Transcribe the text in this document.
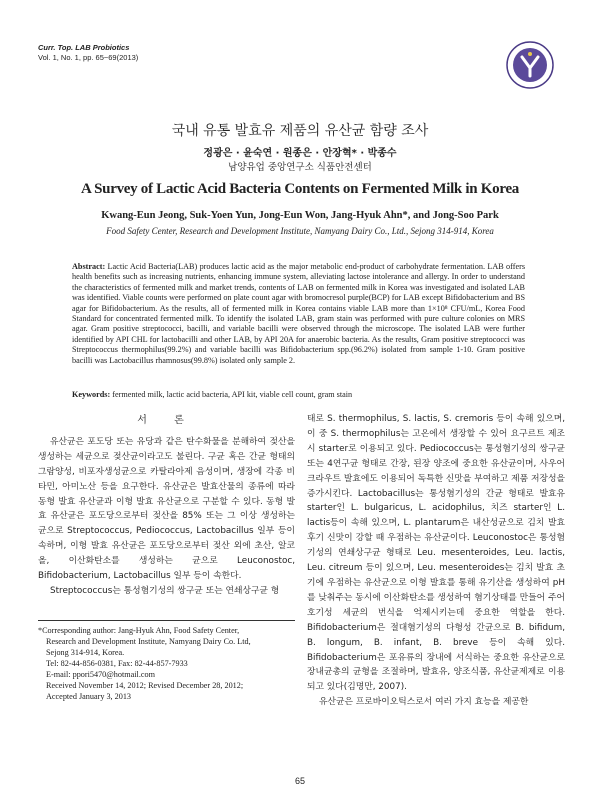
Curr. Top. LAB Probiotics
Vol. 1, No. 1, pp. 65~69(2013)
국내 유통 발효유 제품의 유산균 함량 조사
정광은 · 윤숙연 · 원종은 · 안장혁* · 박종수
남양유업 중앙연구소 식품안전센터
A Survey of Lactic Acid Bacteria Contents on Fermented Milk in Korea
Kwang-Eun Jeong, Suk-Yoen Yun, Jong-Eun Won, Jang-Hyuk Ahn*, and Jong-Soo Park
Food Safety Center, Research and Development Institute, Namyang Dairy Co., Ltd., Sejong 314-914, Korea
Abstract: Lactic Acid Bacteria(LAB) produces lactic acid as the major metabolic end-product of carbohydrate fermentation. LAB offers health benefits such as increasing nutrients, enhancing immune system, alleviating lactose intolerance and allergy. In order to understand the characteristics of fermented milk and market trends, contents of LAB on fermented milk in Korea was investigated and isolated LAB was identified. Viable counts were performed on plate count agar with bromocresol purple(BCP) for LAB except Bifidobacterium and BS agar for Bifidobacterium. As the results, all of fermented milk in Korea contains viable LAB more than 1×10⁸ CFU/mL, Korea Food Standard for concentrated fermented milk. To identify the isolated LAB, gram stain was performed with pure culture colonies on MRS agar. Gram positive streptococci, bacilli, and variable bacilli were observed through the microscope. The isolated LAB were further identified by API CHL for lactobacilli and other LAB, by API 20A for anaerobic bacteria. As the results, Gram positive streptococci was Streptococcus thermophilus(99.2%) and variable bacilli was Bifidobacterium spp.(96.2%) isolated from sample 1-10. Gram positive bacilli was Lactobacillus rhamnosus(99.8%) isolated only sample 2.
Keywords: fermented milk, lactic acid bacteria, API kit, viable cell count, gram stain
서 론

유산균은 포도당 또는 유당과 같은 탄수화물을 분해하여 젖산을 생성하는 세균으로 젖산균이라고도 불린다. 구균 혹은 간균 형태의 그람양성, 비포자생성균으로 카탈라아제 음성이며, 생장에 각종 비타민, 아미노산 등을 요구한다. 유산균은 발효산물의 종류에 따라 동형 발효 유산균과 이형 발효 유산균으로 구분할 수 있다. 동형 발효 유산균은 포도당으로부터 젖산을 85% 또는 그 이상 생성하는 균으로 Streptococcus, Pediococcus, Lactobacillus 일부 등이 속하며, 이형 발효 유산균은 포도당으로부터 젖산 외에 초산, 알코올, 이산화탄소를 생성하는 균으로 Leuconostoc, Bifidobacterium, Lactobacillus 일부 등이 속한다.

Streptococcus는 통성혐기성의 쌍구균 또는 연쇄상구균 형

태로 S. thermophilus, S. lactis, S. cremoris 등이 속해 있으며, 이 중 S. thermophilus는 고온에서 생장할 수 있어 요구르트 제조시 starter로 이용되고 있다. Pediococcus는 통성혐기성의 쌍구균 또는 4연구균 형태로 간장, 된장 양조에 중요한 유산균이며, 사우어크라우트 발효에도 이용되어 독특한 신맛을 부여하고 제품 저장성을 증가시킨다. Lactobacillus는 통성혐기성의 간균 형태로 발효유 starter인 L. bulgaricus, L. acidophilus, 치즈 starter인 L. lactis등이 속해 있으며, L. plantarum은 내산성균으로 김치 발효 후기 신맛이 강할 때 우점하는 유산균이다. Leuconostoc은 통성혐기성의 연쇄상구균 형태로 Leu. mesenteroides, Leu. lactis, Leu. citreum 등이 있으며, Leu. mesenteroides는 김치 발효 초기에 우점하는 유산균으로 이형 발효를 통해 유기산을 생성하여 pH를 낮춰주는 동시에 이산화탄소를 생성하여 혐기상태를 만들어 주어 호기성 세균의 번식을 억제시키는데 중요한 역할을 한다. Bifidobacterium은 절대혐기성의 다형성 간균으로 B. bifidum, B. longum, B. infant, B. breve 등이 속해 있다. Bifidobacterium은 포유류의 장내에 서식하는 중요한 유산균으로 장내균총의 균형을 조절하며, 발효유, 양조식품, 유산균제제로 이용되고 있다(김명만, 2007).

유산균은 프로바이오틱스로서 여러 가지 효능을 제공한

*Corresponding author: Jang-Hyuk Ahn, Food Safety Center,
Research and Development Institute, Namyang Dairy Co. Ltd,
Sejong 314-914, Korea.
Tel: 82-44-856-0381, Fax: 82-44-857-7933
E-mail: ppori5470@hotmail.com
Received November 14, 2012; Revised December 28, 2012;
Accepted January 3, 2013
65
